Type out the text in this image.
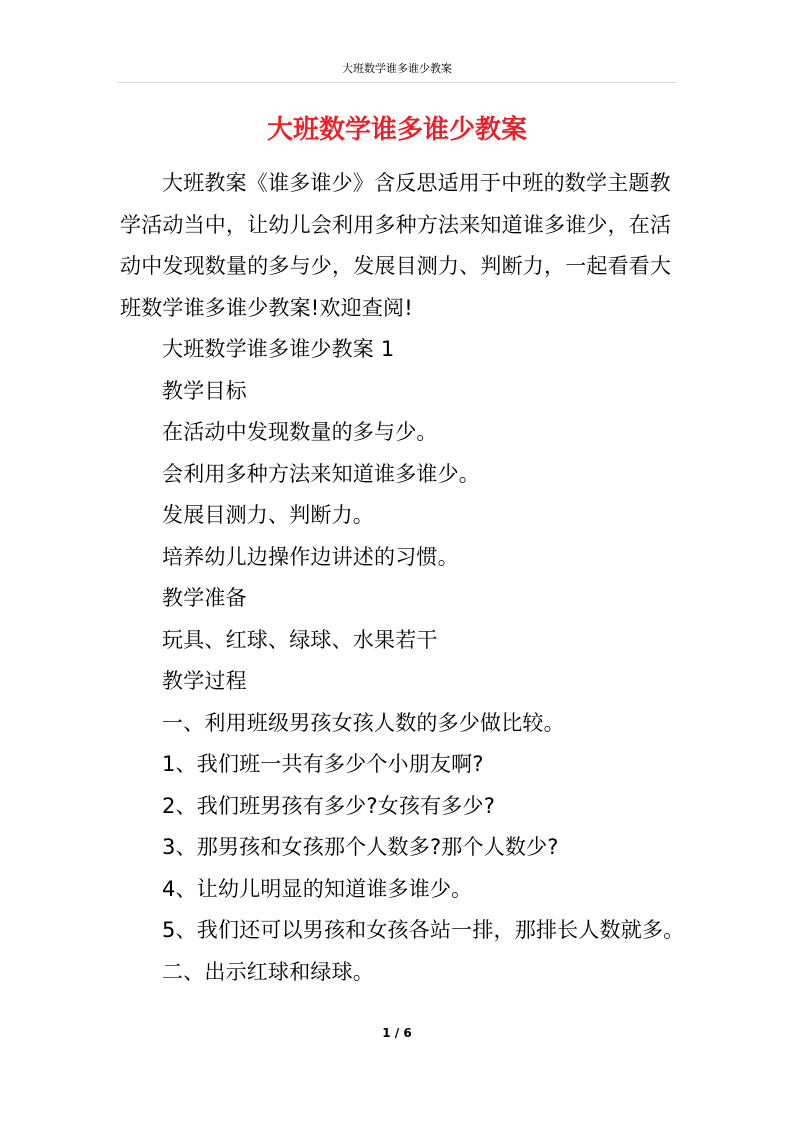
大班数学谁多谁少教案
大班数学谁多谁少教案

大班教案《谁多谁少》含反思适用于中班的数学主题教学活动当中，让幼儿会利用多种方法来知道谁多谁少，在活动中发现数量的多与少，发展目测力、判断力，一起看看大班数学谁多谁少教案!欢迎查阅!

大班数学谁多谁少教案 1
教学目标
在活动中发现数量的多与少。
会利用多种方法来知道谁多谁少。
发展目测力、判断力。
培养幼儿边操作边讲述的习惯。
教学准备
玩具、红球、绿球、水果若干
教学过程
一、利用班级男孩女孩人数的多少做比较。
1、我们班一共有多少个小朋友啊?
2、我们班男孩有多少?女孩有多少?
3、那男孩和女孩那个人数多?那个人数少?
4、让幼儿明显的知道谁多谁少。
5、我们还可以男孩和女孩各站一排，那排长人数就多。
二、出示红球和绿球。
1 / 6
